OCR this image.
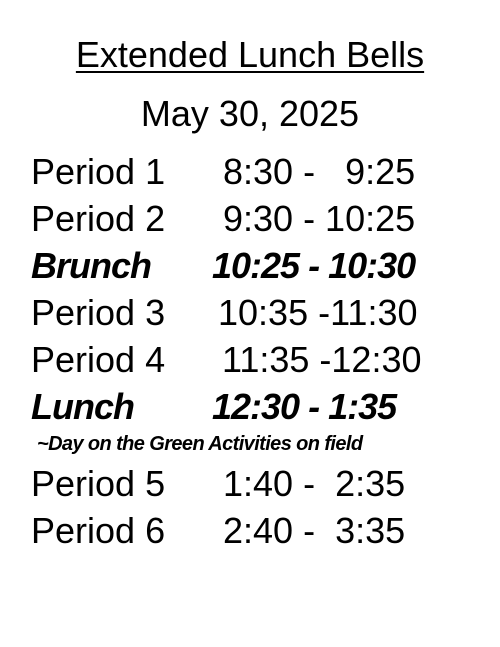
Extended Lunch Bells
May 30, 2025
Period 1 8:30 -   9:25
Period 2 9:30 - 10:25
Brunch 10:25 - 10:30
Period 3 10:35 -11:30
Period 4 11:35 -12:30
Lunch 12:30 - 1:35
~Day on the Green Activities on field
Period 5 1:40 -  2:35
Period 6 2:40 -  3:35
